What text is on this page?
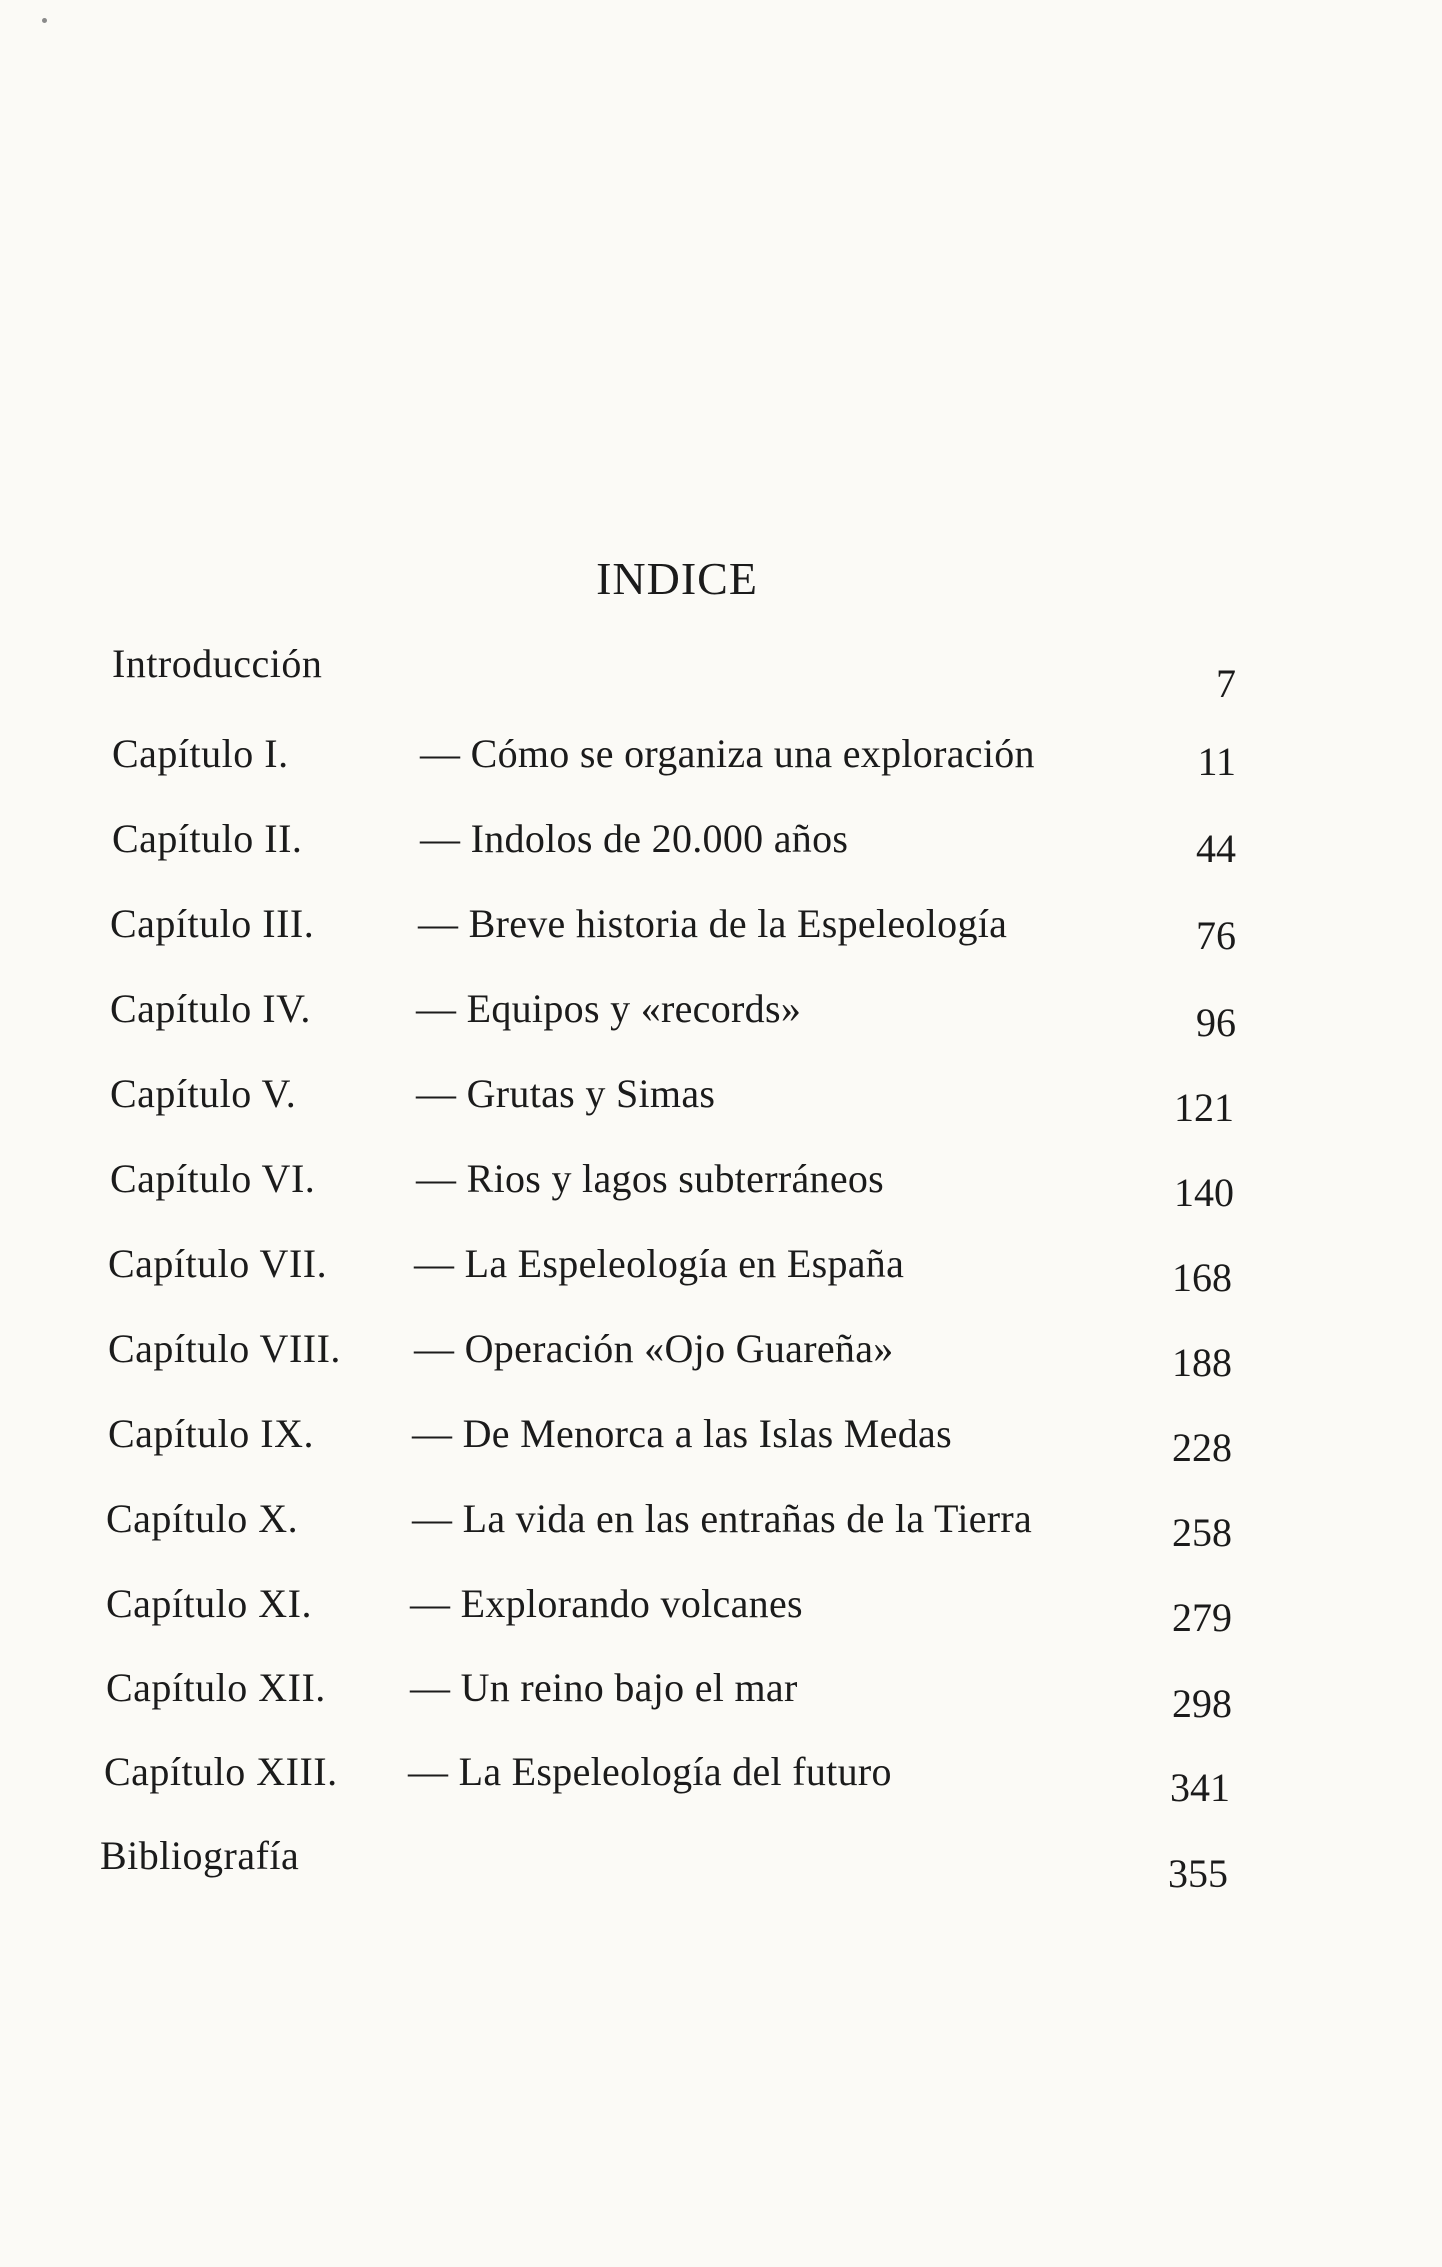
INDICE
Introducción	7
Capítulo I.	— Cómo se organiza una exploración	11
Capítulo II.	— Indolos de 20.000 años	44
Capítulo III.	— Breve historia de la Espeleología	76
Capítulo IV.	— Equipos y «records»	96
Capítulo V.	— Grutas y Simas	121
Capítulo VI.	— Rios y lagos subterráneos	140
Capítulo VII. — La Espeleología en España	168
Capítulo VIII. — Operación «Ojo Guareña»	188
Capítulo IX. — De Menorca a las Islas Medas	228
Capítulo X.	— La vida en las entrañas de la Tierra	258
Capítulo XI. — Explorando volcanes	279
Capítulo XII. — Un reino bajo el mar	298
Capítulo XIII. — La Espeleología del futuro	341
Bibliografía	355
